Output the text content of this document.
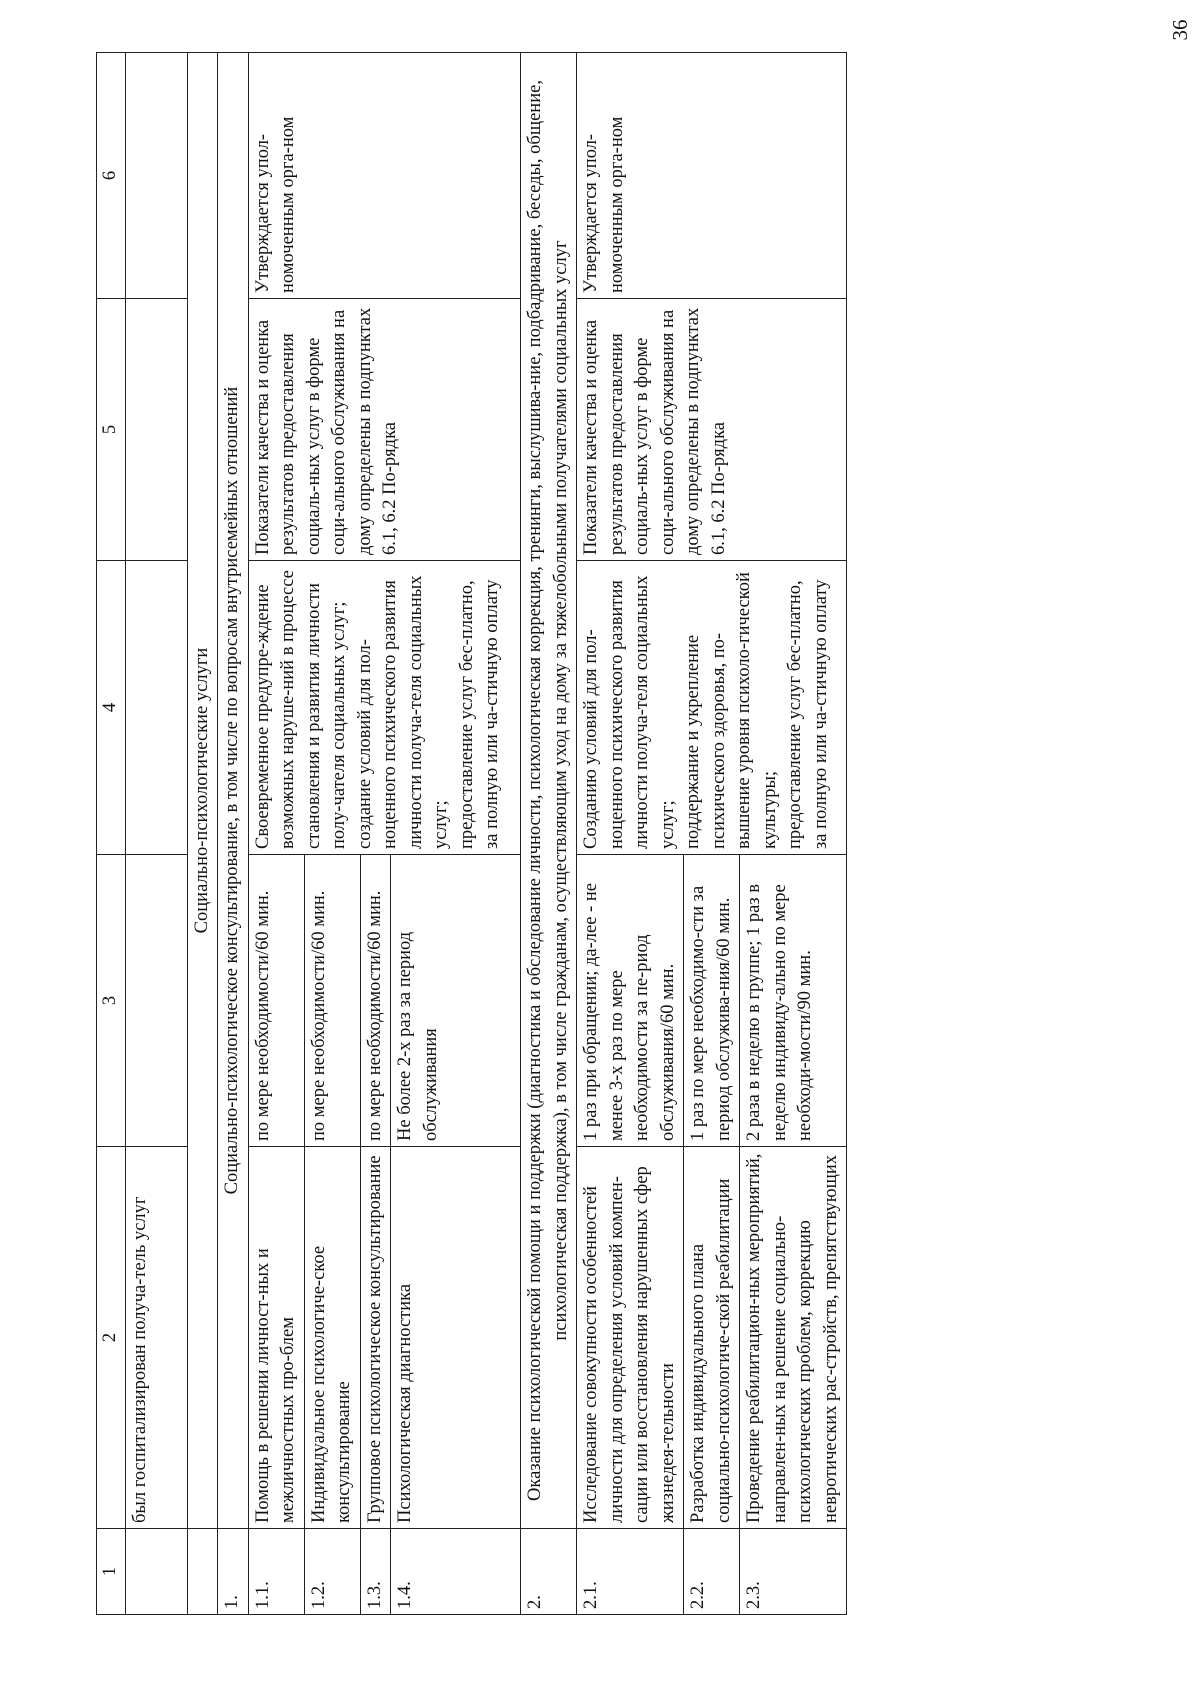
36
1	2	3	4	5	6
	был госпитализирован получа-тель услуг				
	Социально-психологические услуги				
1.	Социально-психологическое консультирование, в том числе по вопросам внутрисемейных отношений				
1.1.	Помощь в решении личност-ных и межличностных про-блем	по мере необходимости/60 мин.	Своевременное предупре-ждение возможных наруше-ний в процессе становления и развития личности полу-чателя социальных услуг; создание условий для пол-ноценного психического развития личности получа-теля социальных услуг; предоставление услуг бес-платно, за полную или ча-стичную оплату	Показатели качества и оценка результатов предоставления социаль-ных услуг в форме соци-ального обслуживания на дому определены в подпунктах 6.1, 6.2 По-рядка	Утверждается упол-номоченным орга-ном
1.2.	Индивидуальное психологиче-ское консультирование	по мере необходимости/60 мин.			
1.3.	Групповое психологическое консультирование	по мере необходимости/60 мин.			
1.4.	Психологическая диагностика	Не более 2-х раз за период обслуживания			
2.	Оказание психологической помощи и поддержки (диагностика и обследование личности, психологическая коррекция, тренинги, выслушива-ние, подбадривание, беседы, общение, психологическая поддержка), в том числе гражданам, осуществляющим уход на дому за тяжелобольными получателями социальных услуг				
2.1.	Исследование совокупности особенностей личности для определения условий компен-сации или восстановления нарушенных сфер жизнедея-тельности	1 раз при обращении; да-лее - не менее 3-х раз по мере необходимости за пе-риод обслуживания/60 мин.	Созданию условий для пол-ноценного психического развития личности получа-теля социальных услуг; поддержание и укрепление психического здоровья, по-вышение уровня психоло-гической культуры; предоставление услуг бес-платно, за полную или ча-стичную оплату	Показатели качества и оценка результатов предоставления социаль-ных услуг в форме соци-ального обслуживания на дому определены в подпунктах 6.1, 6.2 По-рядка	Утверждается упол-номоченным орга-ном
2.2.	Разработка индивидуального плана социально-психологиче-ской реабилитации	1 раз по мере необходимо-сти за период обслужива-ния/60 мин.			
2.3.	Проведение реабилитацион-ных мероприятий, направлен-ных на решение социально-психологических проблем, коррекцию невротических рас-стройств, препятствующих	2 раза в неделю в группе; 1 раз в неделю индивиду-ально по мере необходи-мости/90 мин.			
